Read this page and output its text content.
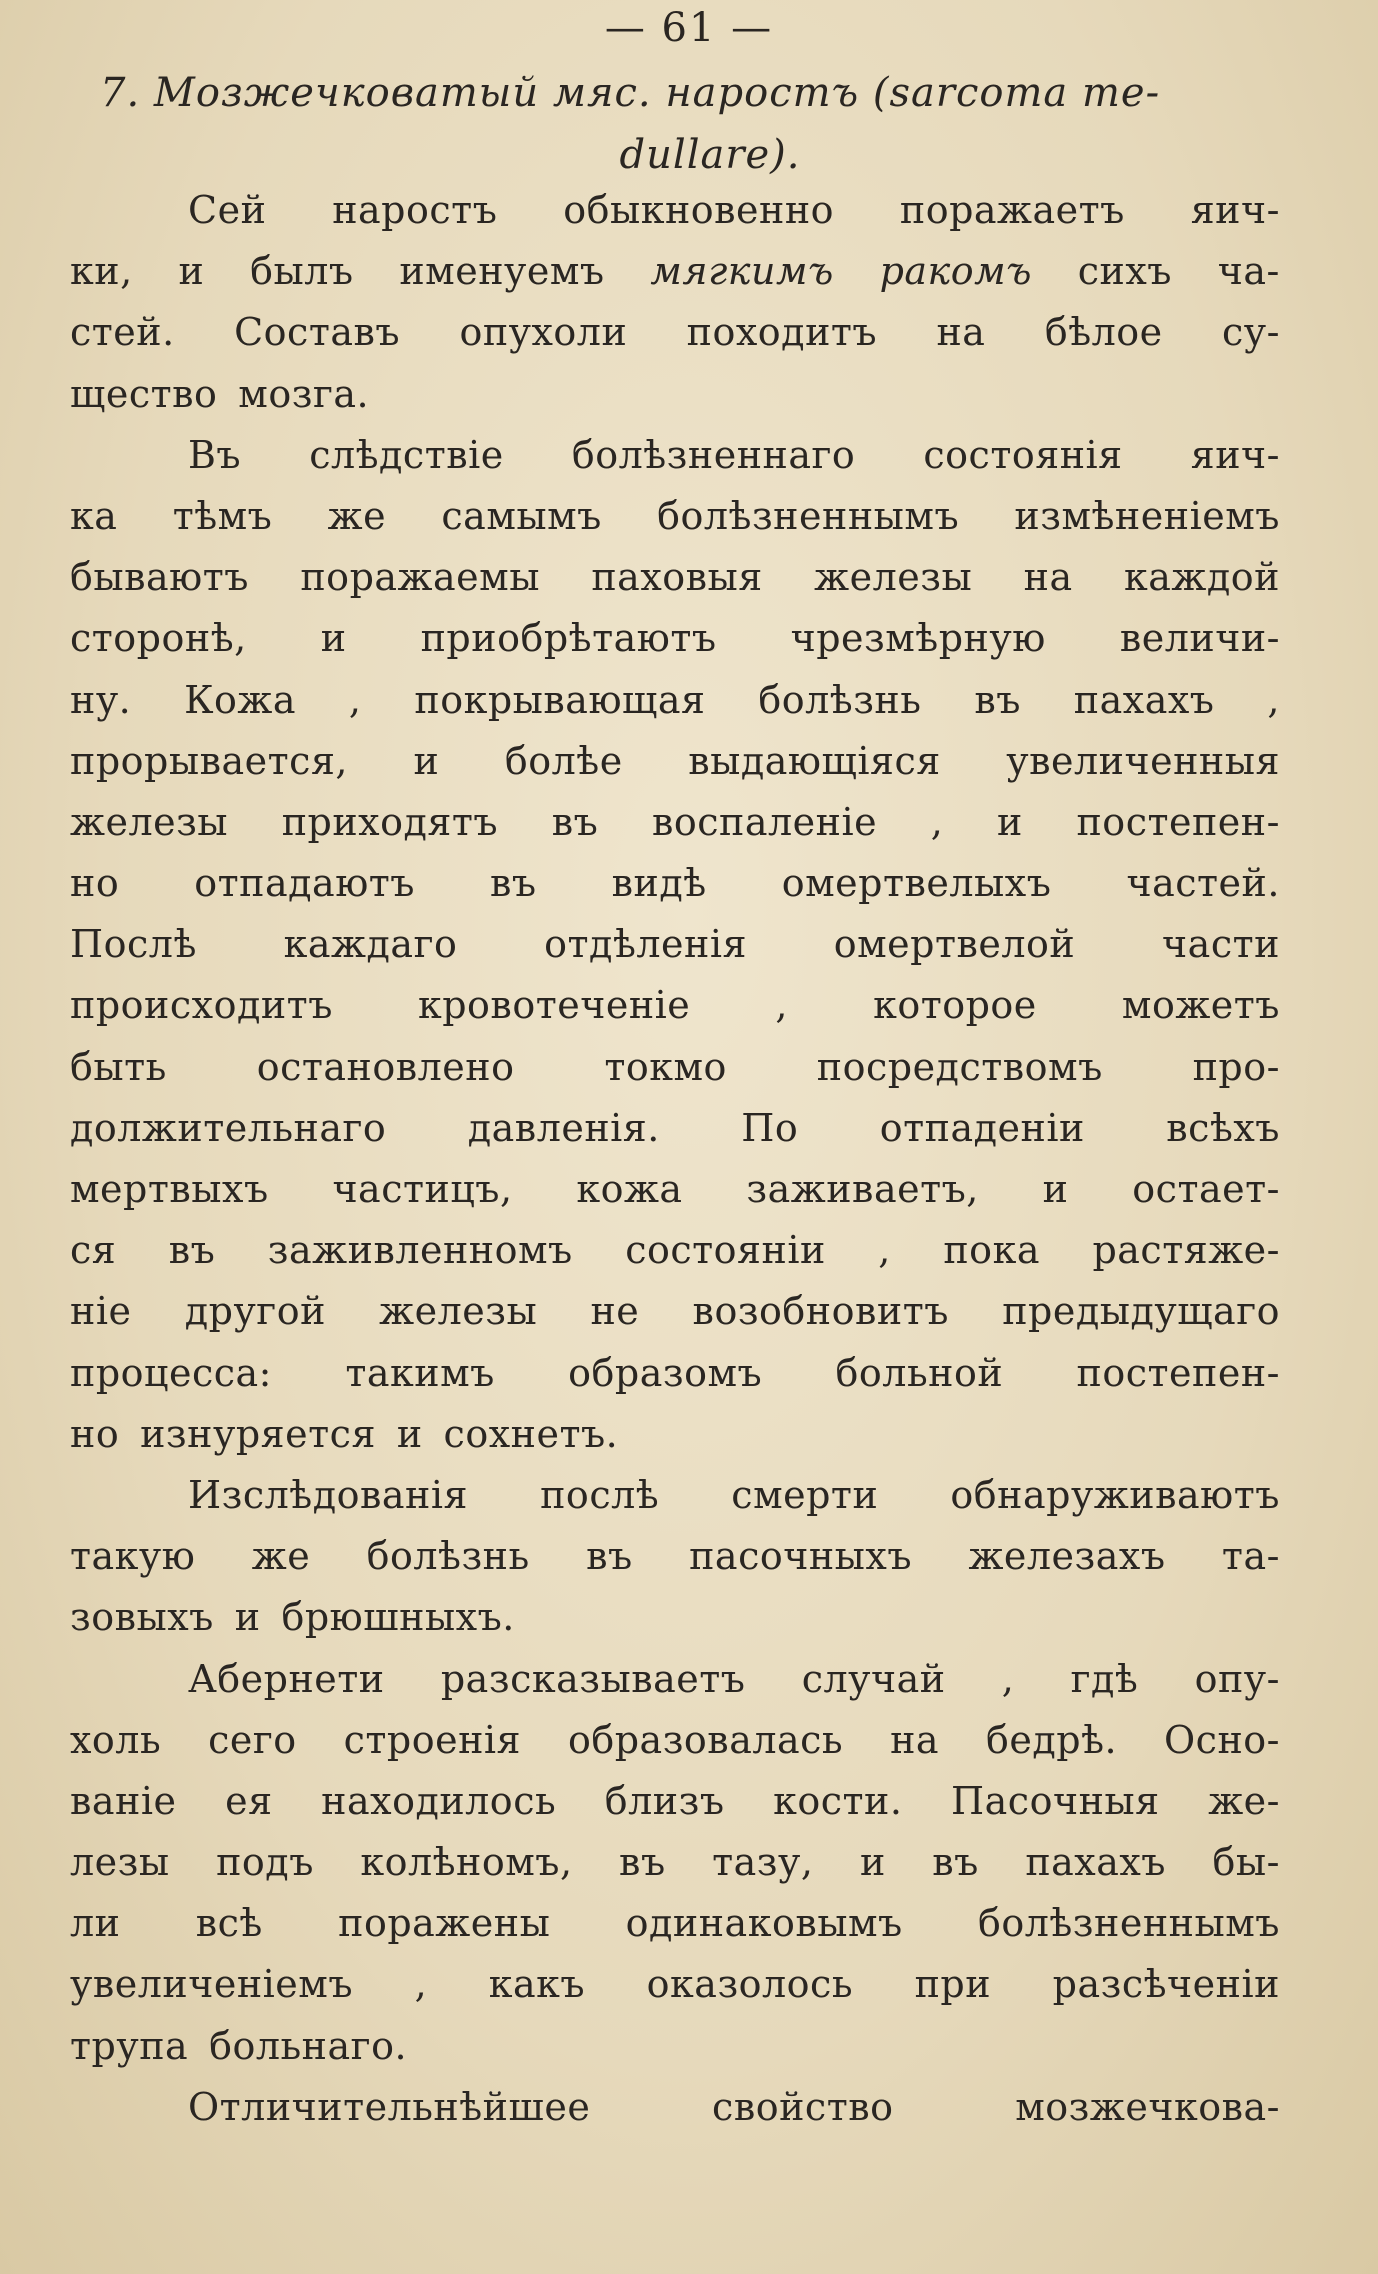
— 61 —
7. Мозжечковатый мяс. наростъ (sarcoma me-
dullare).
Сей наростъ обыкновенно поражаетъ яич-
ки, и былъ именуемъ мягкимъ ракомъ сихъ ча-
стей. Составъ опухоли походитъ на бѣлое су-
щество мозга.
Въ слѣдствіе болѣзненнаго состоянія яич-
ка тѣмъ же самымъ болѣзненнымъ измѣненіемъ
бываютъ поражаемы паховыя железы на каждой
сторонѣ, и приобрѣтаютъ чрезмѣрную величи-
ну. Кожа , покрывающая болѣзнь въ пахахъ ,
прорывается, и болѣе выдающіяся увеличенныя
железы приходятъ въ воспаленіе , и постепен-
но отпадаютъ въ видѣ омертвелыхъ частей.
Послѣ каждаго отдѣленія омертвелой части
происходитъ кровотеченіе , которое можетъ
быть остановлено токмо посредствомъ про-
должительнаго давленія. По отпаденіи всѣхъ
мертвыхъ частицъ, кожа заживаетъ, и остает-
ся въ заживленномъ состояніи , пока растяже-
ніе другой железы не возобновитъ предыдущаго
процесса: такимъ образомъ больной постепен-
но изнуряется и сохнетъ.
Изслѣдованія послѣ смерти обнаруживаютъ
такую же болѣзнь въ пасочныхъ железахъ та-
зовыхъ и брюшныхъ.
Абернети разсказываетъ случай , гдѣ опу-
холь сего строенія образовалась на бедрѣ. Осно-
ваніе ея находилось близъ кости. Пасочныя же-
лезы подъ колѣномъ, въ тазу, и въ пахахъ бы-
ли всѣ поражены одинаковымъ болѣзненнымъ
увеличеніемъ , какъ оказолось при разсѣченіи
трупа больнаго.
Отличительнѣйшее	свойство	мозжечкова-
